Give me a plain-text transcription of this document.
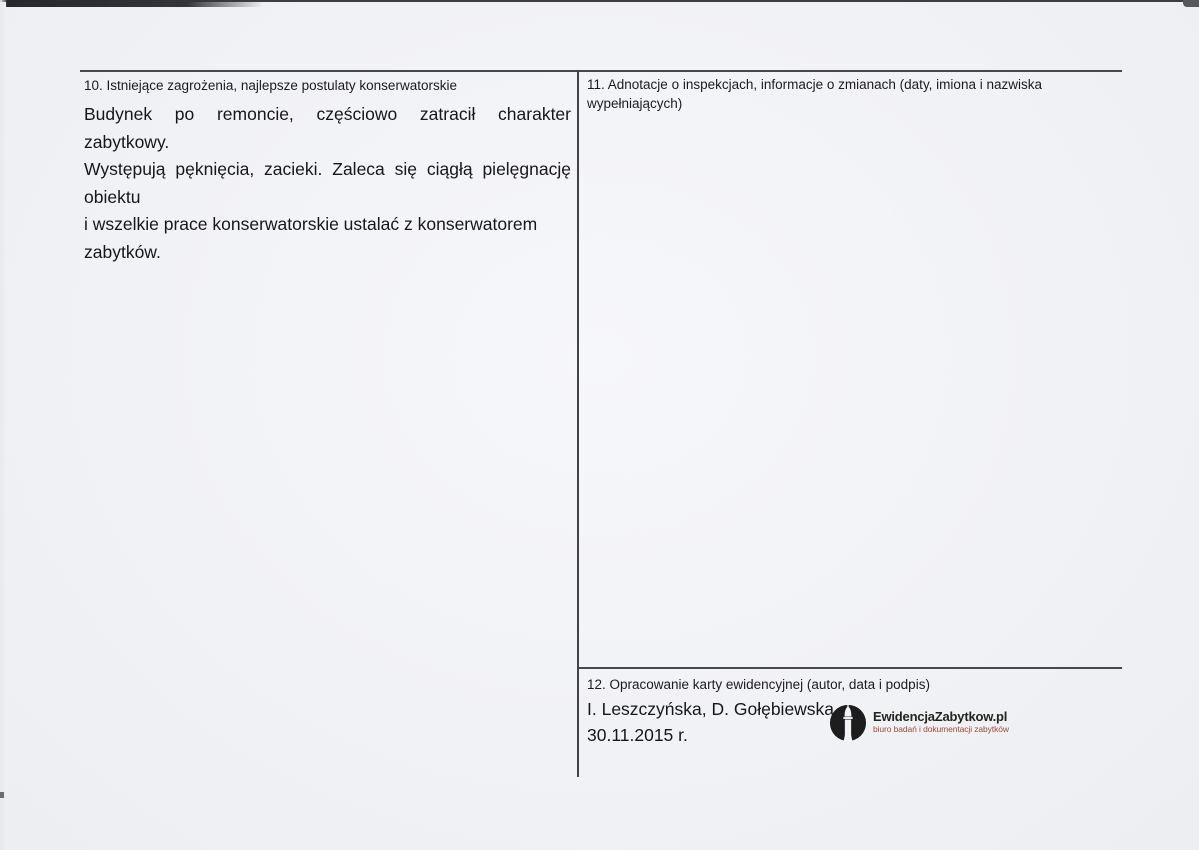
10. Istniejące zagrożenia, najlepsze postulaty konserwatorskie
Budynek po remoncie, częściowo zatracił charakter zabytkowy.
Występują pęknięcia, zacieki. Zaleca się ciągłą pielęgnację obiektu
i wszelkie prace konserwatorskie ustalać z konserwatorem zabytków.
11. Adnotacje o inspekcjach, informacje o zmianach (daty, imiona i nazwiska wypełniających)
12. Opracowanie karty ewidencyjnej (autor, data i podpis)
I. Leszczyńska, D. Gołębiewska
30.11.2015 r.
EwidencjaZabytkow.pl
biuro badań i dokumentacji zabytków
